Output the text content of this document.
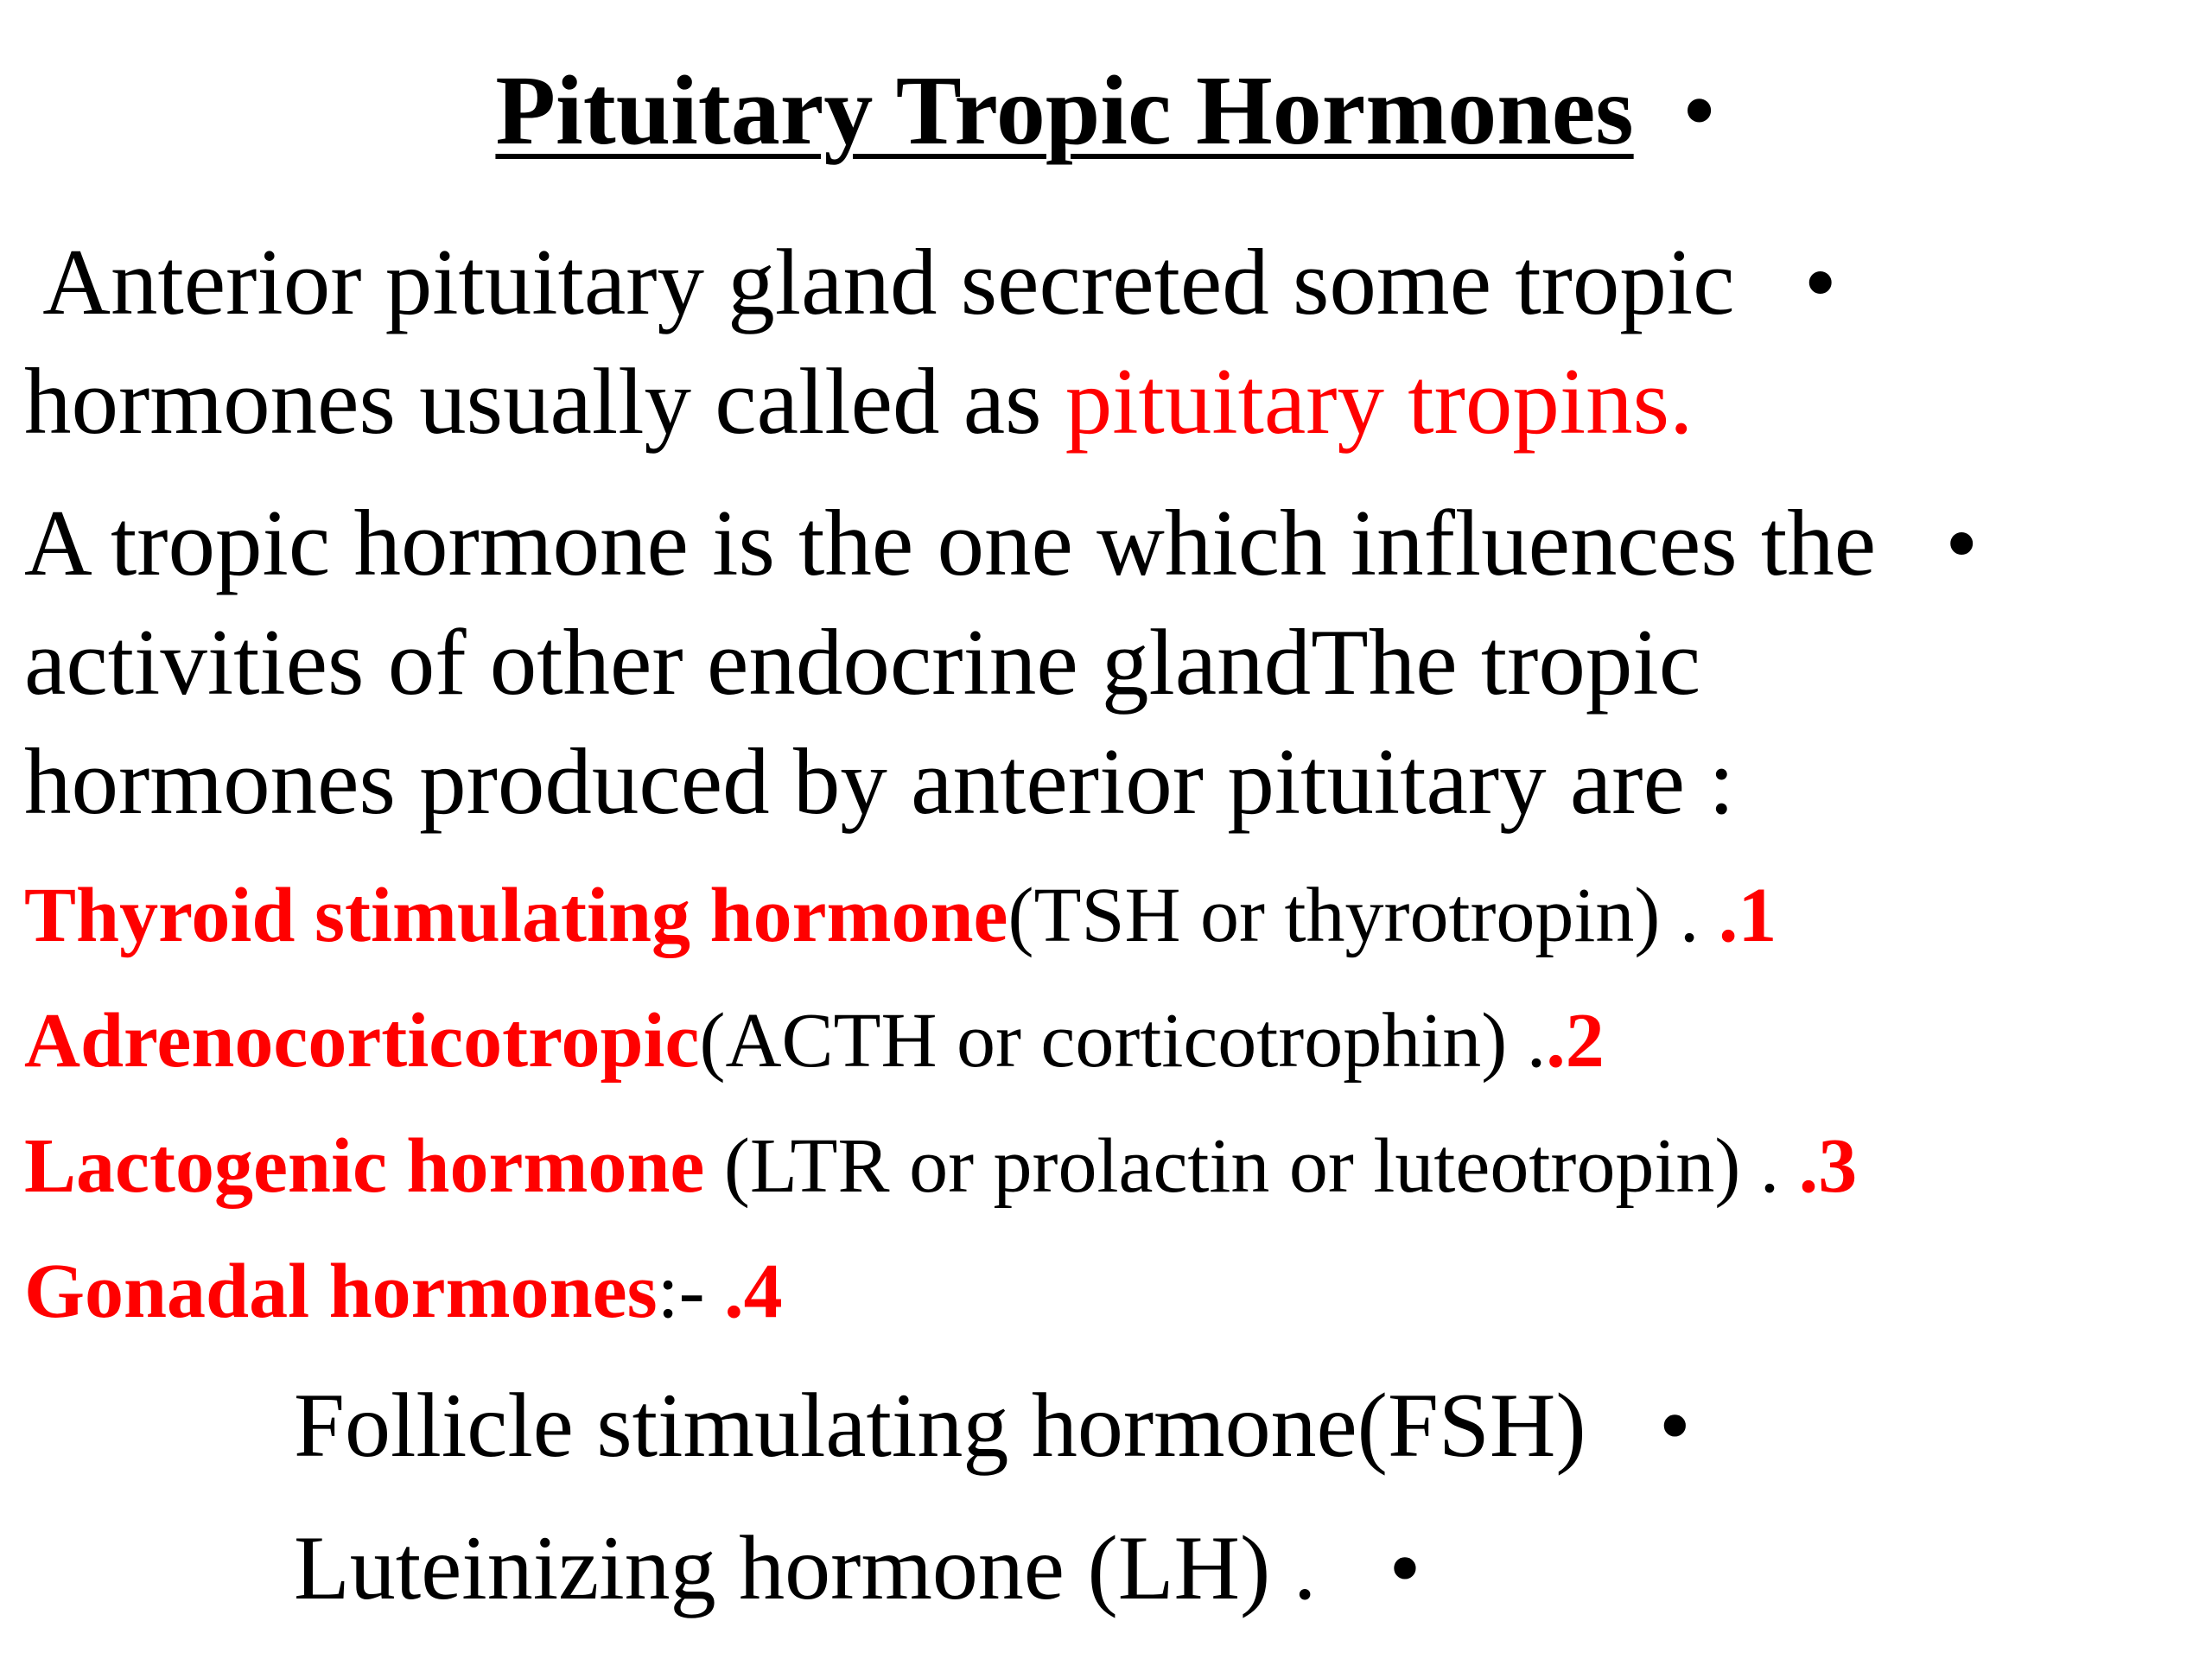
Pituitary Tropic Hormones •
Anterior pituitary gland secreted some tropic •
hormones usually called as pituitary tropins.
A tropic hormone is the one which influences the •
activities of other endocrine glandThe tropic
hormones produced by anterior pituitary are :
Thyroid stimulating hormone(TSH or thyrotropin) . .1
Adrenocorticotropic(ACTH or corticotrophin) ..2
Lactogenic hormone (LTR or prolactin or luteotropin) . .3
Gonadal hormones:- .4
Follicle stimulating hormone(FSH) •
Luteinizing hormone (LH) . •
